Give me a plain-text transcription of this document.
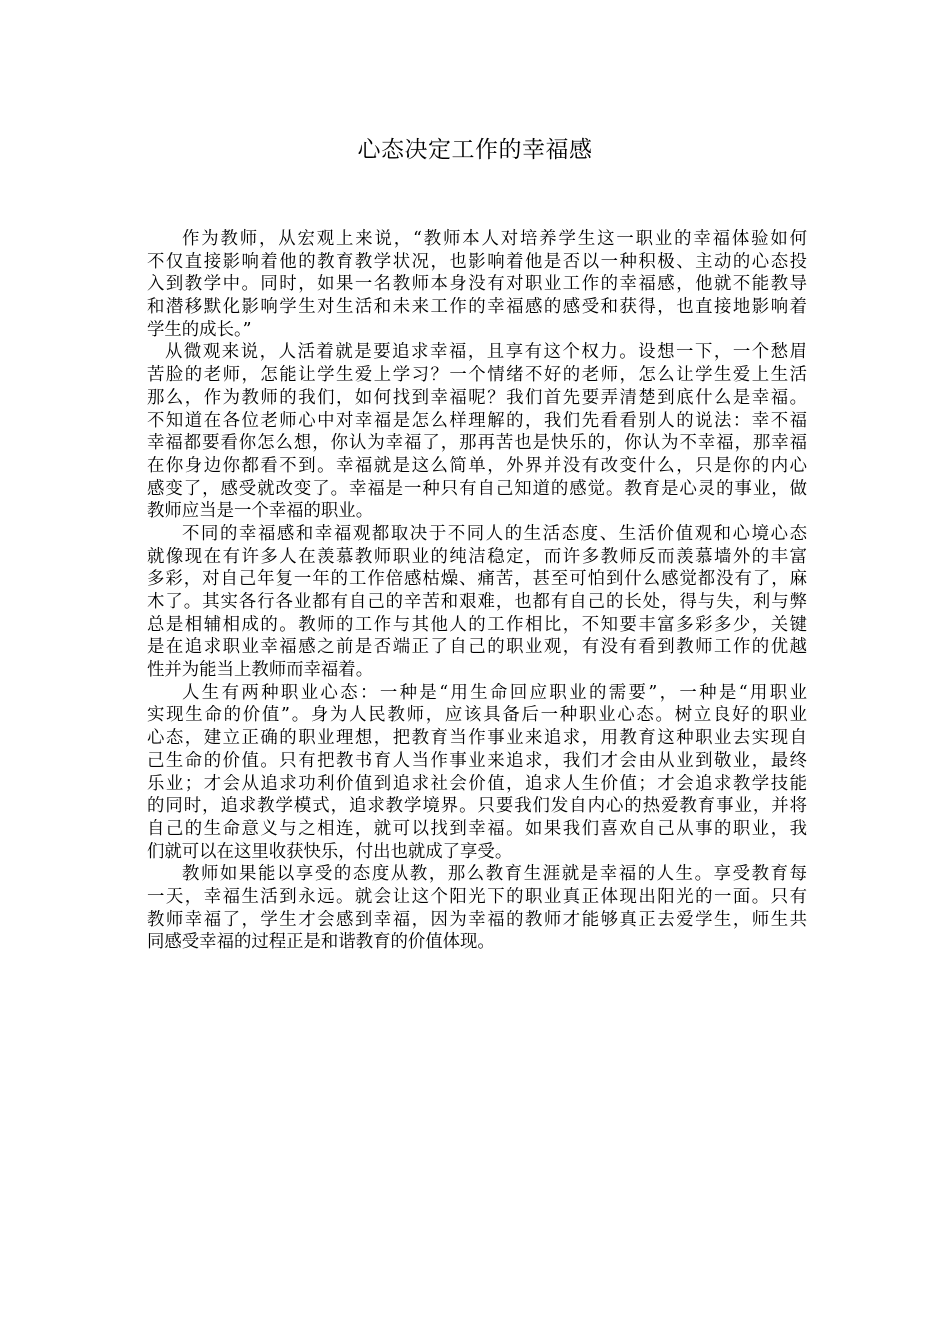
心态决定工作的幸福感
作为教师，从宏观上来说，“教师本人对培养学生这一职业的幸福体验如何
不仅直接影响着他的教育教学状况，也影响着他是否以一种积极、主动的心态投
入到教学中。同时，如果一名教师本身没有对职业工作的幸福感，他就不能教导
和潜移默化影响学生对生活和未来工作的幸福感的感受和获得，也直接地影响着
学生的成长。”
从微观来说，人活着就是要追求幸福，且享有这个权力。设想一下，一个愁眉
苦脸的老师，怎能让学生爱上学习？一个情绪不好的老师，怎么让学生爱上生活
那么，作为教师的我们，如何找到幸福呢？我们首先要弄清楚到底什么是幸福。
不知道在各位老师心中对幸福是怎么样理解的，我们先看看别人的说法：幸不福
幸福都要看你怎么想，你认为幸福了，那再苦也是快乐的，你认为不幸福，那幸福
在你身边你都看不到。幸福就是这么简单，外界并没有改变什么，只是你的内心
感变了，感受就改变了。幸福是一种只有自己知道的感觉。教育是心灵的事业，做
教师应当是一个幸福的职业。
不同的幸福感和幸福观都取决于不同人的生活态度、生活价值观和心境心态
就像现在有许多人在羡慕教师职业的纯洁稳定，而许多教师反而羡慕墙外的丰富
多彩，对自己年复一年的工作倍感枯燥、痛苦，甚至可怕到什么感觉都没有了，麻
木了。其实各行各业都有自己的辛苦和艰难，也都有自己的长处，得与失，利与弊
总是相辅相成的。教师的工作与其他人的工作相比，不知要丰富多彩多少，关键
是在追求职业幸福感之前是否端正了自己的职业观，有没有看到教师工作的优越
性并为能当上教师而幸福着。
人生有两种职业心态：一种是“用生命回应职业的需要”，一种是“用职业
实现生命的价值”。身为人民教师，应该具备后一种职业心态。树立良好的职业
心态，建立正确的职业理想，把教育当作事业来追求，用教育这种职业去实现自
己生命的价值。只有把教书育人当作事业来追求，我们才会由从业到敬业，最终
乐业；才会从追求功利价值到追求社会价值，追求人生价值；才会追求教学技能
的同时，追求教学模式，追求教学境界。只要我们发自内心的热爱教育事业，并将
自己的生命意义与之相连，就可以找到幸福。如果我们喜欢自己从事的职业，我
们就可以在这里收获快乐，付出也就成了享受。
教师如果能以享受的态度从教，那么教育生涯就是幸福的人生。享受教育每
一天，幸福生活到永远。就会让这个阳光下的职业真正体现出阳光的一面。只有
教师幸福了，学生才会感到幸福，因为幸福的教师才能够真正去爱学生，师生共
同感受幸福的过程正是和谐教育的价值体现。
